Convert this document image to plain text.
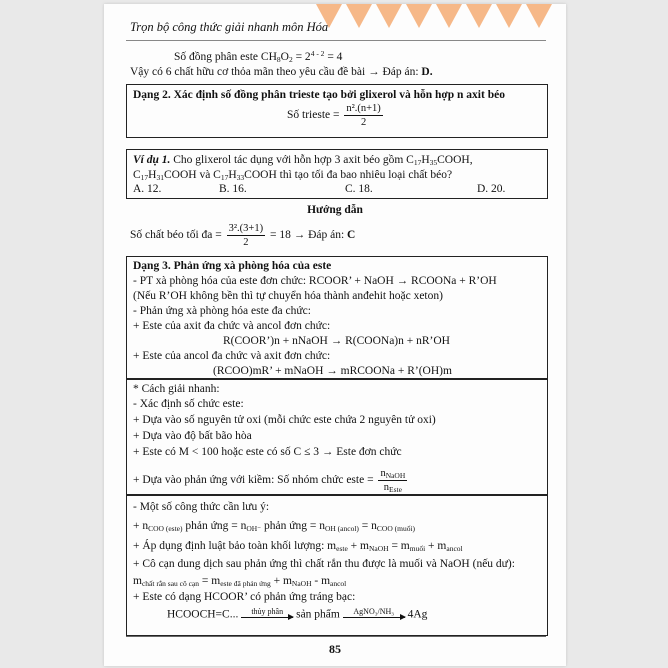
Trọn bộ công thức giải nhanh môn Hóa
Số đồng phân este $CH_8O_2 = 2^{4 - 2} = 4$
Vậy có 6 chất hữu cơ thỏa mãn theo yêu cầu đề bài → Đáp án: D.
Dạng 2. Xác định số đồng phân trieste tạo bởi glixerol và hỗn hợp n axit béo
Số trieste = $\frac{\text{n².(n+1)}}{2}$
Ví dụ 1. Cho glixerol tác dụng với hỗn hợp 3 axit béo gồm $C_{17}H_{35}COOH$,
$C_{17}H_{31}COOH$ và $C_{17}H_{33}COOH$ thì tạo tối đa bao nhiêu loại chất béo?
A. 12.	B. 16.	C. 18.	D. 20.
Hướng dẫn
Số chất béo tối đa = $\frac{\text{3².(3+1)}}{2} = 18$ → Đáp án: C
Dạng 3. Phản ứng xà phòng hóa của este
- PT xà phòng hóa của este đơn chức: RCOOR’ + NaOH → RCOONa + R’OH
(Nếu R’OH không bền thì tự chuyển hóa thành anđehit hoặc xeton)
- Phản ứng xà phòng hóa este đa chức:
+ Este của axit đa chức và ancol đơn chức:
R(COOR’)n + nNaOH → R(COONa)n + nR’OH
+ Este của ancol đa chức và axit đơn chức:
(RCOO)mR’ + mNaOH → mRCOONa + R’(OH)m
* Cách giải nhanh:
- Xác định số chức este:
+ Dựa vào số nguyên tử oxi (mỗi chức este chứa 2 nguyên tử oxi)
+ Dựa vào độ bất bão hòa
+ Este có M < 100 hoặc este có số C ≤ 3 → Este đơn chức
+ Dựa vào phản ứng với kiềm: Số nhóm chức este = $\frac{n_{NaOH}}{n_{Este}}$
- Một số công thức cần lưu ý:
+ $n_{COO (este)}$ phản ứng = $n_{OH^-}$ phản ứng = $n_{OH (ancol)} = n_{COO (muối)}$
+ Áp dụng định luật bảo toàn khối lượng: $m_{este} + m_{NaOH} = m_{muối} + m_{ancol}$
+ Cô cạn dung dịch sau phản ứng thì chất rắn thu được là muối và NaOH (nếu dư):
$m_{chất rắn sau cô cạn} = m_{este đã phản ứng} + m_{NaOH} - m_{ancol}$
+ Este có dạng HCOOR’ có phản ứng tráng bạc:
HCOOCH=C...	thủy phân	sản phẩm	AgNO₃/NH₃	4Ag
85
